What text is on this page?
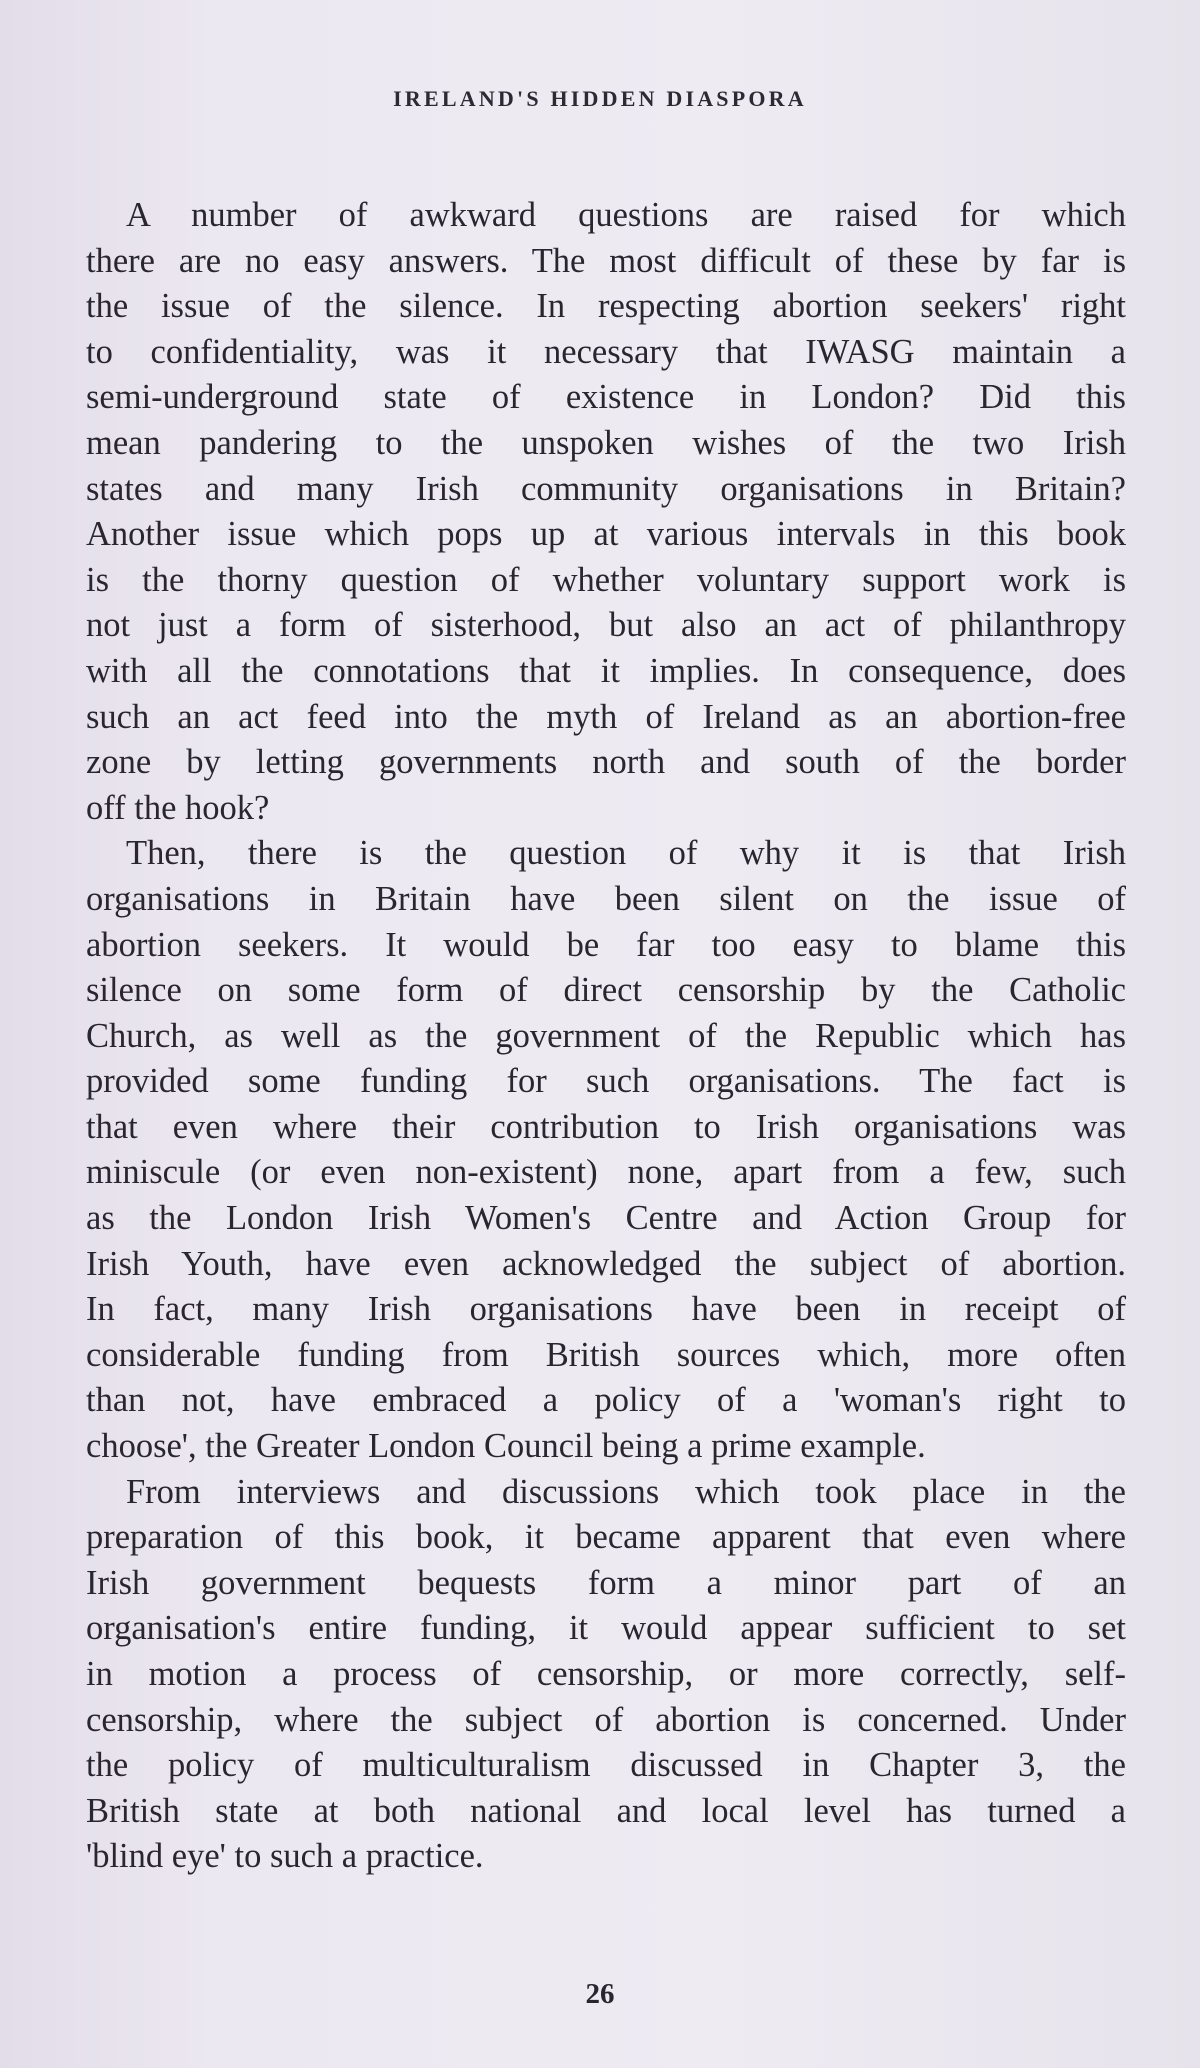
IRELAND'S HIDDEN DIASPORA
A number of awkward questions are raised for which
there are no easy answers. The most difficult of these by far is
the issue of the silence. In respecting abortion seekers' right
to confidentiality, was it necessary that IWASG maintain a
semi-underground state of existence in London? Did this
mean pandering to the unspoken wishes of the two Irish
states and many Irish community organisations in Britain?
Another issue which pops up at various intervals in this book
is the thorny question of whether voluntary support work is
not just a form of sisterhood, but also an act of philanthropy
with all the connotations that it implies. In consequence, does
such an act feed into the myth of Ireland as an abortion-free
zone by letting governments north and south of the border
off the hook?
Then, there is the question of why it is that Irish
organisations in Britain have been silent on the issue of
abortion seekers. It would be far too easy to blame this
silence on some form of direct censorship by the Catholic
Church, as well as the government of the Republic which has
provided some funding for such organisations. The fact is
that even where their contribution to Irish organisations was
miniscule (or even non-existent) none, apart from a few, such
as the London Irish Women's Centre and Action Group for
Irish Youth, have even acknowledged the subject of abortion.
In fact, many Irish organisations have been in receipt of
considerable funding from British sources which, more often
than not, have embraced a policy of a 'woman's right to
choose', the Greater London Council being a prime example.
From interviews and discussions which took place in the
preparation of this book, it became apparent that even where
Irish government bequests form a minor part of an
organisation's entire funding, it would appear sufficient to set
in motion a process of censorship, or more correctly, self-
censorship, where the subject of abortion is concerned. Under
the policy of multiculturalism discussed in Chapter 3, the
British state at both national and local level has turned a
'blind eye' to such a practice.
26
